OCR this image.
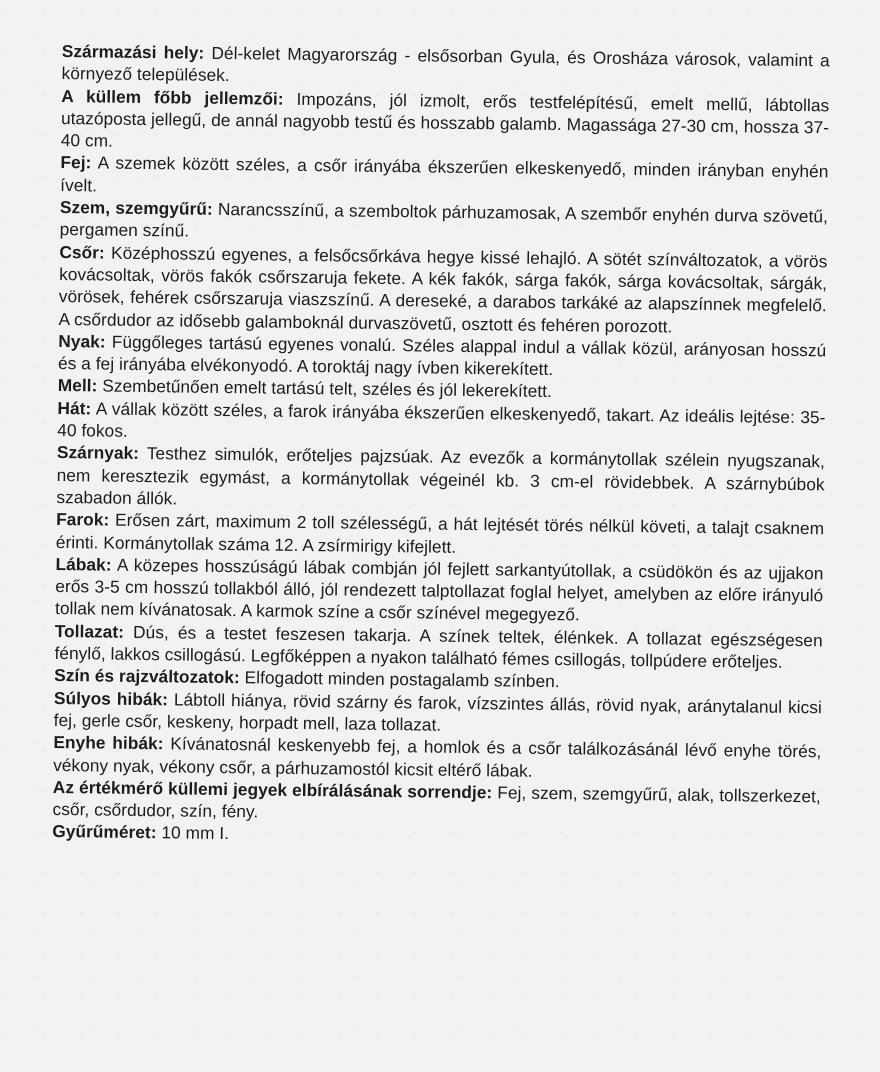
Származási hely: Dél-kelet Magyarország - elsősorban Gyula, és Orosháza városok, valamint a környező települések.

A küllem főbb jellemzői: Impozáns, jól izmolt, erős testfelépítésű, emelt mellű, lábtollas utazóposta jellegű, de annál nagyobb testű és hosszabb galamb. Magassága 27-30 cm, hossza 37-40 cm.

Fej: A szemek között széles, a csőr irányába ékszerűen elkeskenyedő, minden irányban enyhén ívelt.

Szem, szemgyűrű: Narancsszínű, a szemboltok párhuzamosak, A szembőr enyhén durva szövetű, pergamen színű.

Csőr: Középhosszú egyenes, a felsőcsőrkáva hegye kissé lehajló. A sötét színváltozatok, a vörös kovácsoltak, vörös fakók csőrszaruja fekete. A kék fakók, sárga fakók, sárga kovácsoltak, sárgák, vörösek, fehérek csőrszaruja viaszszínű. A dereseké, a darabos tarkáké az alapszínnek megfelelő. A csőrdudor az idősebb galamboknál durvaszövetű, osztott és fehéren porozott.

Nyak: Függőleges tartású egyenes vonalú. Széles alappal indul a vállak közül, arányosan hosszú és a fej irányába elvékonyodó. A toroktáj nagy ívben kikerekített.

Mell: Szembetűnően emelt tartású telt, széles és jól lekerekített.

Hát: A vállak között széles, a farok irányába ékszerűen elkeskenyedő, takart. Az ideális lejtése: 35-40 fokos.

Szárnyak: Testhez simulók, erőteljes pajzsúak. Az evezők a kormánytollak szélein nyugszanak, nem keresztezik egymást, a kormánytollak végeinél kb. 3 cm-el rövidebbek. A szárnybúbok szabadon állók.

Farok: Erősen zárt, maximum 2 toll szélességű, a hát lejtését törés nélkül követi, a talajt csaknem érinti. Kormánytollak száma 12. A zsírmirigy kifejlett.

Lábak: A közepes hosszúságú lábak combján jól fejlett sarkantyútollak, a csüdökön és az ujjakon erős 3-5 cm hosszú tollakból álló, jól rendezett talptollazat foglal helyet, amelyben az előre irányuló tollak nem kívánatosak. A karmok színe a csőr színével megegyező.

Tollazat: Dús, és a testet feszesen takarja. A színek teltek, élénkek. A tollazat egészségesen fénylő, lakkos csillogású. Legfőképpen a nyakon található fémes csillogás, tollpúdere erőteljes.

Szín és rajzváltozatok: Elfogadott minden postagalamb színben.

Súlyos hibák: Lábtoll hiánya, rövid szárny és farok, vízszintes állás, rövid nyak, aránytalanul kicsi fej, gerle csőr, keskeny, horpadt mell, laza tollazat.

Enyhe hibák: Kívánatosnál keskenyebb fej, a homlok és a csőr találkozásánál lévő enyhe törés, vékony nyak, vékony csőr, a párhuzamostól kicsit eltérő lábak.

Az értékmérő küllemi jegyek elbírálásának sorrendje: Fej, szem, szemgyűrű, alak, tollszerkezet, csőr, csőrdudor, szín, fény.

Gyűrűméret: 10 mm I.
